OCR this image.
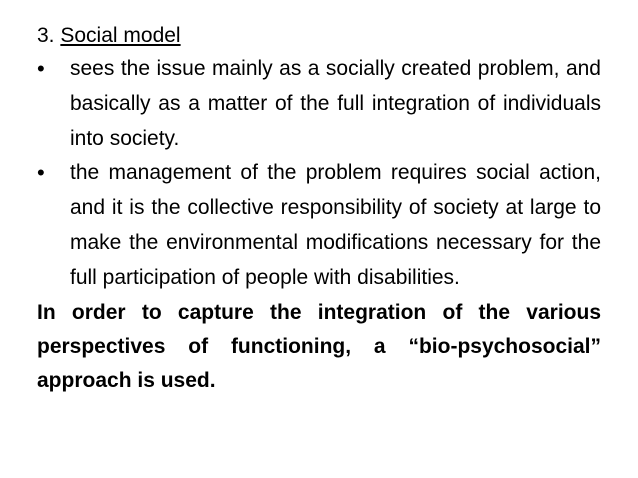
3. Social model
• sees the issue mainly as a socially created problem, and basically as a matter of the full integration of individuals into society.
• the management of the problem requires social action, and it is the collective responsibility of society at large to make the environmental modifications necessary for the full participation of people with disabilities.
In order to capture the integration of the various perspectives of functioning, a “bio-psychosocial” approach is used.
